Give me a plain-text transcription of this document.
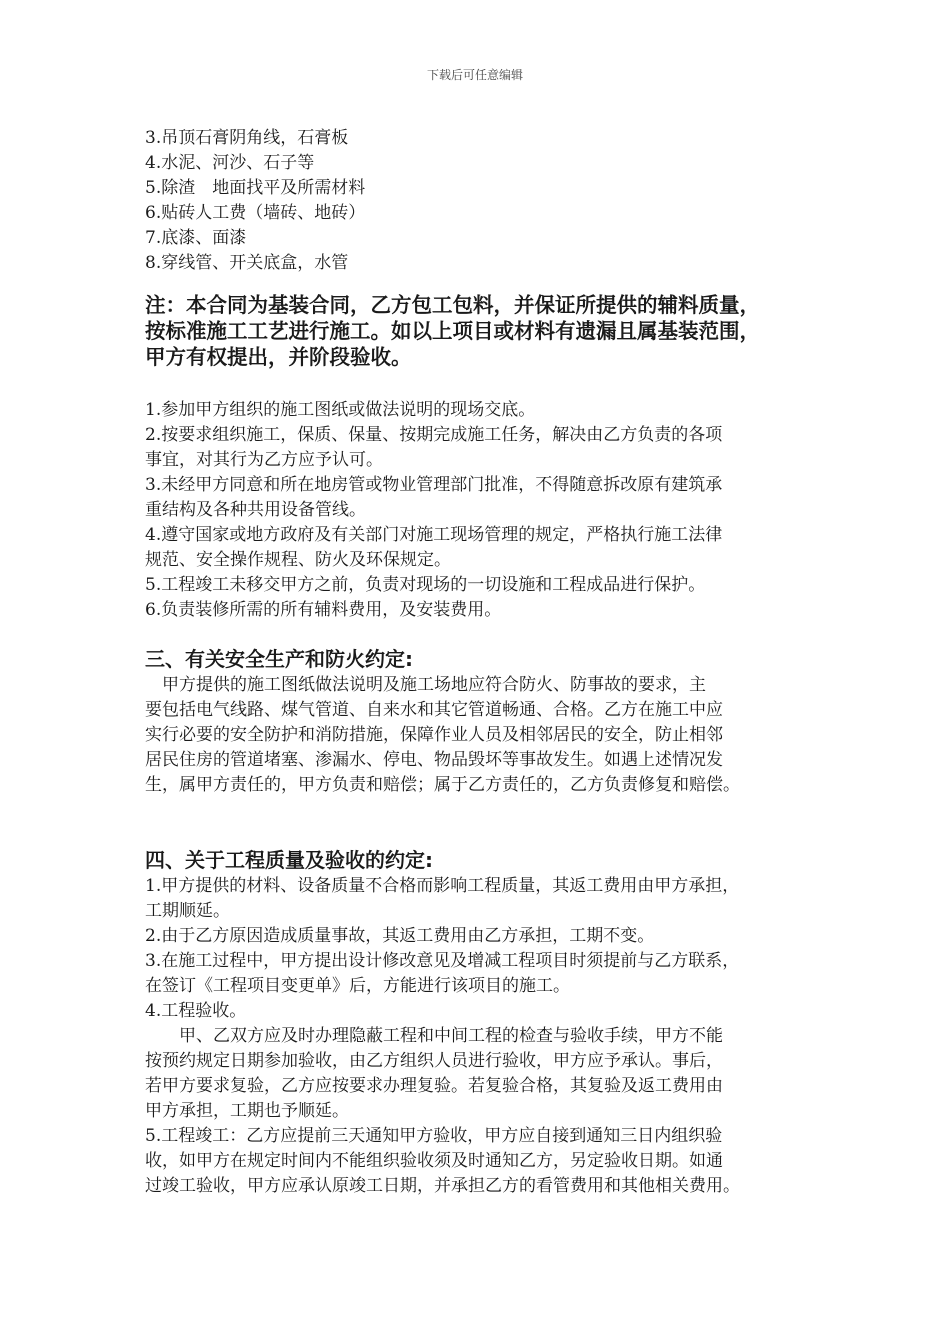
下载后可任意编辑
3.吊顶石膏阴角线，石膏板
4.水泥、河沙、石子等
5.除渣　地面找平及所需材料
6.贴砖人工费（墙砖、地砖）
7.底漆、面漆
8.穿线管、开关底盒，水管
注：本合同为基装合同，乙方包工包料，并保证所提供的辅料质量，
按标准施工工艺进行施工。如以上项目或材料有遗漏且属基装范围，
甲方有权提出，并阶段验收。
1.参加甲方组织的施工图纸或做法说明的现场交底。
2.按要求组织施工，保质、保量、按期完成施工任务，解决由乙方负责的各项
事宜，对其行为乙方应予认可。
3.未经甲方同意和所在地房管或物业管理部门批准，不得随意拆改原有建筑承
重结构及各种共用设备管线。
4.遵守国家或地方政府及有关部门对施工现场管理的规定，严格执行施工法律
规范、安全操作规程、防火及环保规定。
5.工程竣工未移交甲方之前，负责对现场的一切设施和工程成品进行保护。
6.负责装修所需的所有辅料费用，及安装费用。
三、有关安全生产和防火约定:
　甲方提供的施工图纸做法说明及施工场地应符合防火、防事故的要求，主
要包括电气线路、煤气管道、自来水和其它管道畅通、合格。乙方在施工中应
实行必要的安全防护和消防措施，保障作业人员及相邻居民的安全，防止相邻
居民住房的管道堵塞、渗漏水、停电、物品毁坏等事故发生。如遇上述情况发
生，属甲方责任的，甲方负责和赔偿；属于乙方责任的，乙方负责修复和赔偿。
四、关于工程质量及验收的约定:
1.甲方提供的材料、设备质量不合格而影响工程质量，其返工费用由甲方承担，
工期顺延。
2.由于乙方原因造成质量事故，其返工费用由乙方承担，工期不变。
3.在施工过程中，甲方提出设计修改意见及增减工程项目时须提前与乙方联系，
在签订《工程项目变更单》后，方能进行该项目的施工。
4.工程验收。
　　甲、乙双方应及时办理隐蔽工程和中间工程的检查与验收手续，甲方不能
按预约规定日期参加验收，由乙方组织人员进行验收，甲方应予承认。事后，
若甲方要求复验，乙方应按要求办理复验。若复验合格，其复验及返工费用由
甲方承担，工期也予顺延。
5.工程竣工：乙方应提前三天通知甲方验收，甲方应自接到通知三日内组织验
收，如甲方在规定时间内不能组织验收须及时通知乙方，另定验收日期。如通
过竣工验收，甲方应承认原竣工日期，并承担乙方的看管费用和其他相关费用。
